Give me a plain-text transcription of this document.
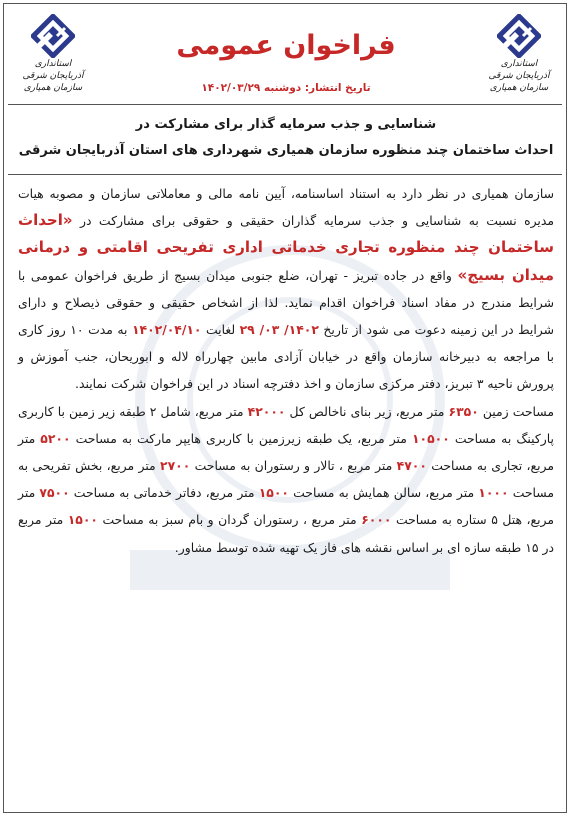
استانداری آذربایجان شرقی
سازمان همیاری
استانداری آذربایجان شرقی
سازمان همیاری
فراخوان عمومی
تاریخ انتشار: دوشنبه ۱۴۰۲/۰۳/۲۹
شناسایی و جذب سرمایه گذار برای مشارکت در
احداث ساختمان چند منظوره سازمان همیاری شهرداری های استان آذربایجان شرقی

سازمان همیاری در نظر دارد به استناد اساسنامه، آیین نامه مالی و معاملاتی سازمان و مصوبه هیات مدیره نسبت به شناسایی و جذب سرمایه گذاران حقیقی و حقوقی برای مشارکت در «احداث ساختمان چند منظوره تجاری خدماتی اداری تفریحی اقامتی و درمانی میدان بسیج» واقع در جاده تبریز - تهران، ضلع جنوبی میدان بسیج از طریق فراخوان عمومی با شرایط مندرج در مفاد اسناد فراخوان اقدام نماید. لذا از اشخاص حقیقی و حقوقی ذیصلاح و دارای شرایط در این زمینه دعوت می شود از تاریخ ۱۴۰۲/ ۰۳/ ۲۹ لغایت ۱۴۰۲/۰۴/۱۰ به مدت ۱۰ روز کاری با مراجعه به دبیرخانه سازمان واقع در خیابان آزادی مابین چهارراه لاله و ابوریحان، جنب آموزش و پرورش ناحیه ۳ تبریز، دفتر مرکزی سازمان و اخذ دفترچه اسناد در این فراخوان شرکت نمایند.

مساحت زمین ۶۳۵۰ متر مربع، زیر بنای ناخالص کل ۴۲۰۰۰ متر مربع، شامل ۲ طبقه زیر زمین با کاربری پارکینگ به مساحت ۱۰۵۰۰ متر مربع، یک طبقه زیرزمین با کاربری هایپر مارکت به مساحت ۵۲۰۰ متر مربع، تجاری به مساحت ۴۷۰۰ متر مربع ، تالار و رستوران به مساحت ۲۷۰۰ متر مربع، بخش تفریحی به مساحت ۱۰۰۰ متر مربع، سالن همایش به مساحت ۱۵۰۰ متر مربع، دفاتر خدماتی به مساحت ۷۵۰۰ متر مربع، هتل ۵ ستاره به مساحت ۶۰۰۰ متر مربع ، رستوران گردان و بام سبز به مساحت ۱۵۰۰ متر مربع در ۱۵ طبقه سازه ای بر اساس نقشه های فاز یک تهیه شده توسط مشاور.
